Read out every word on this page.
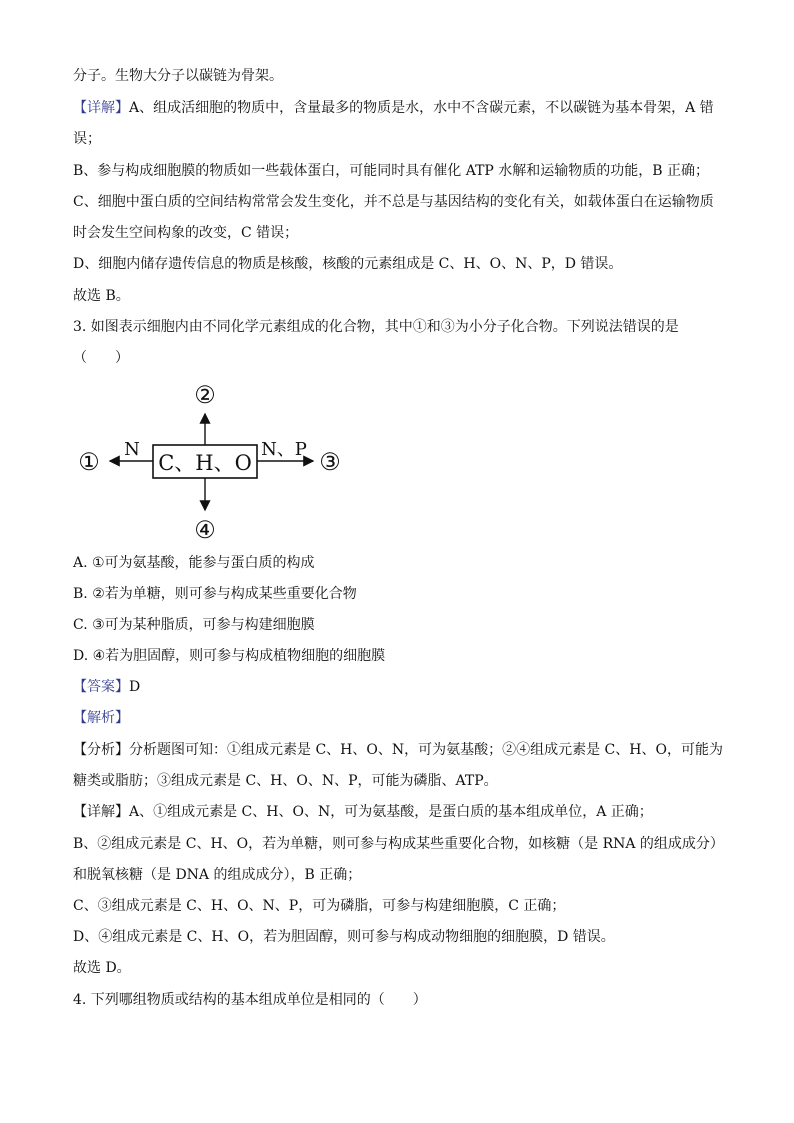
分子。生物大分子以碳链为骨架。
【详解】A、组成活细胞的物质中，含量最多的物质是水，水中不含碳元素，不以碳链为基本骨架，A 错
误；
B、参与构成细胞膜的物质如一些载体蛋白，可能同时具有催化 ATP 水解和运输物质的功能，B 正确；
C、细胞中蛋白质的空间结构常常会发生变化，并不总是与基因结构的变化有关，如载体蛋白在运输物质
时会发生空间构象的改变，C 错误；
D、细胞内储存遗传信息的物质是核酸，核酸的元素组成是 C、H、O、N、P，D 错误。
故选 B。
3. 如图表示细胞内由不同化学元素组成的化合物，其中①和③为小分子化合物。下列说法错误的是
（　　）
C、H、O
②
N
①	N、P ③
④
A. ①可为氨基酸，能参与蛋白质的构成
B. ②若为单糖，则可参与构成某些重要化合物
C. ③可为某种脂质，可参与构建细胞膜
D. ④若为胆固醇，则可参与构成植物细胞的细胞膜
【答案】D
【解析】
【分析】分析题图可知：①组成元素是 C、H、O、N，可为氨基酸；②④组成元素是 C、H、O，可能为
糖类或脂肪；③组成元素是 C、H、O、N、P，可能为磷脂、ATP。
【详解】A、①组成元素是 C、H、O、N，可为氨基酸，是蛋白质的基本组成单位，A 正确；
B、②组成元素是 C、H、O，若为单糖，则可参与构成某些重要化合物，如核糖（是 RNA 的组成成分）
和脱氧核糖（是 DNA 的组成成分），B 正确；
C、③组成元素是 C、H、O、N、P，可为磷脂，可参与构建细胞膜，C 正确；
D、④组成元素是 C、H、O，若为胆固醇，则可参与构成动物细胞的细胞膜，D 错误。
故选 D。
4. 下列哪组物质或结构的基本组成单位是相同的（　　）
